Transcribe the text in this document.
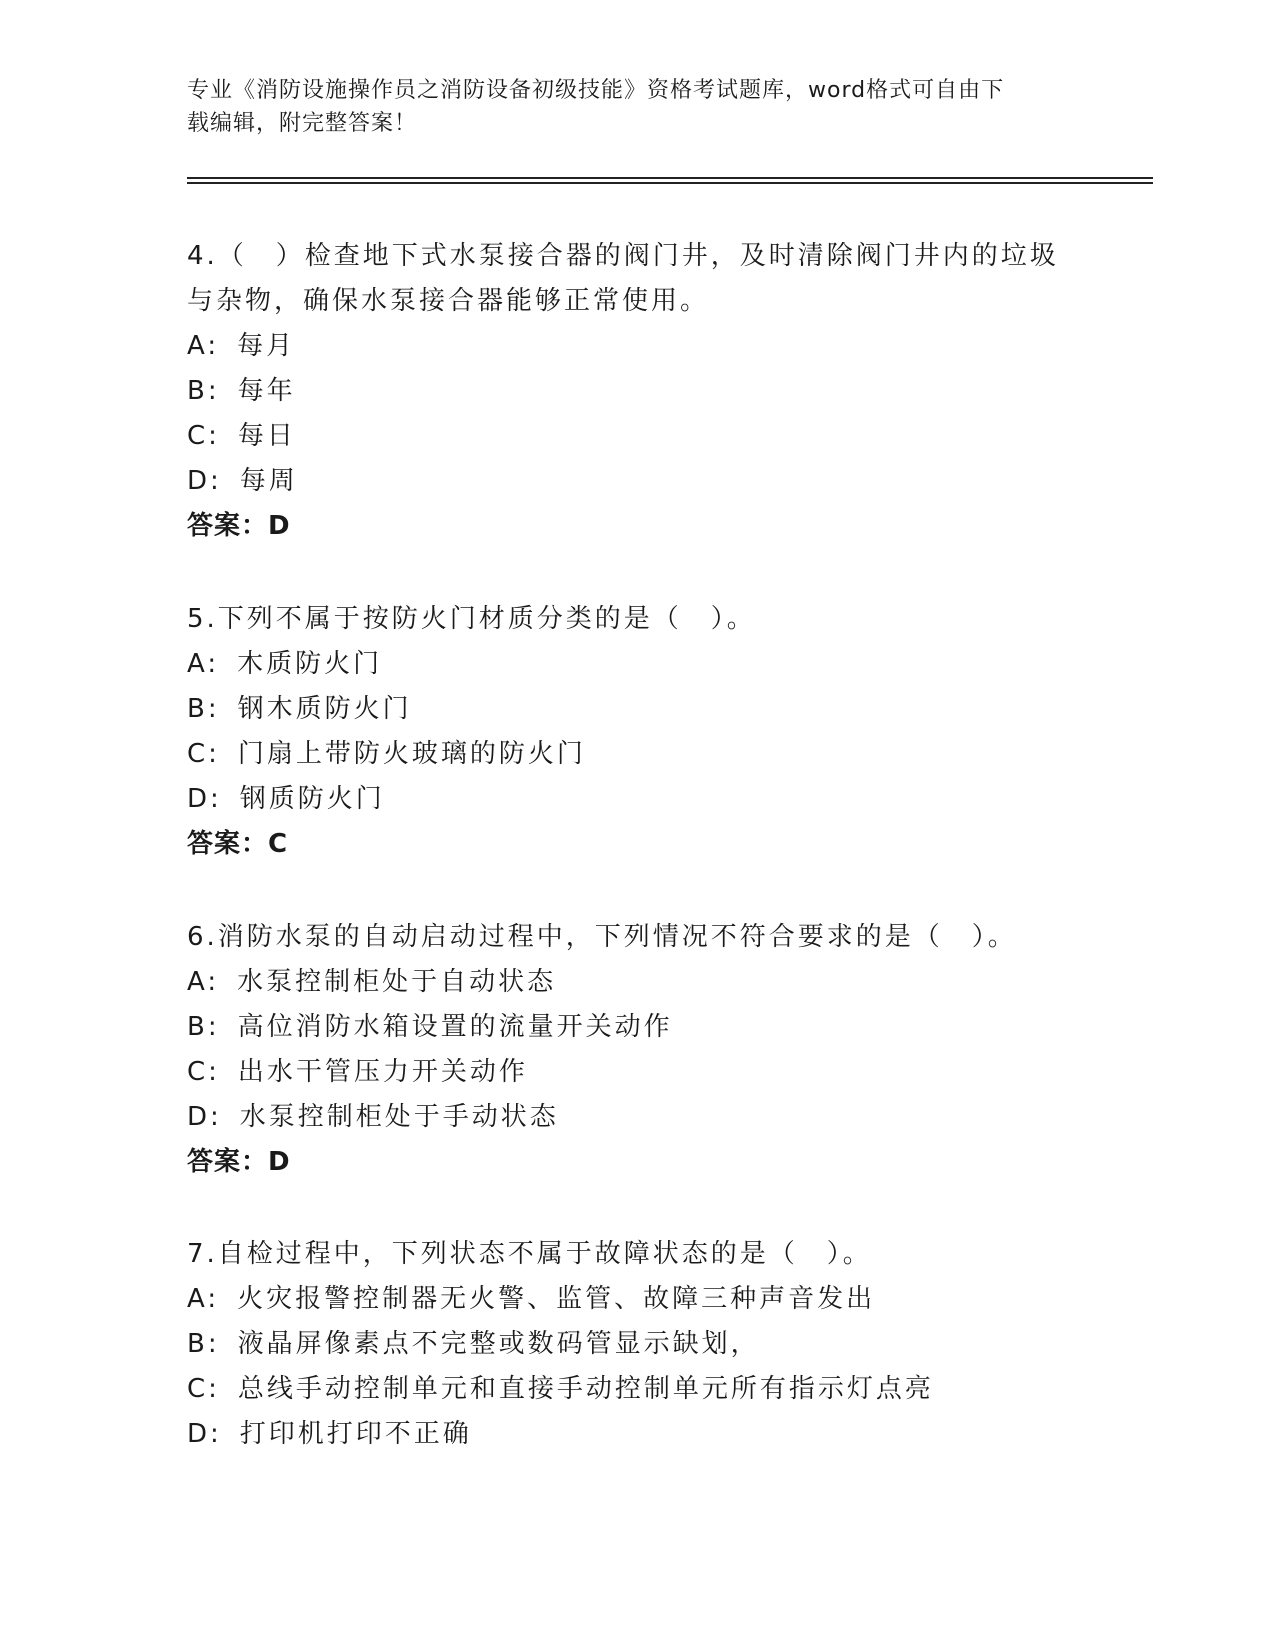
专业《消防设施操作员之消防设备初级技能》资格考试题库，word格式可自由下
载编辑，附完整答案！
4.（　）检查地下式水泵接合器的阀门井，及时清除阀门井内的垃圾
与杂物，确保水泵接合器能够正常使用。
A: 每月
B: 每年
C: 每日
D: 每周
答案：D
5.下列不属于按防火门材质分类的是（　）。
A: 木质防火门
B: 钢木质防火门
C: 门扇上带防火玻璃的防火门
D: 钢质防火门
答案：C
6.消防水泵的自动启动过程中，下列情况不符合要求的是（　）。
A: 水泵控制柜处于自动状态
B: 高位消防水箱设置的流量开关动作
C: 出水干管压力开关动作
D: 水泵控制柜处于手动状态
答案：D
7.自检过程中，下列状态不属于故障状态的是（　）。
A: 火灾报警控制器无火警、监管、故障三种声音发出
B: 液晶屏像素点不完整或数码管显示缺划，
C: 总线手动控制单元和直接手动控制单元所有指示灯点亮
D: 打印机打印不正确
